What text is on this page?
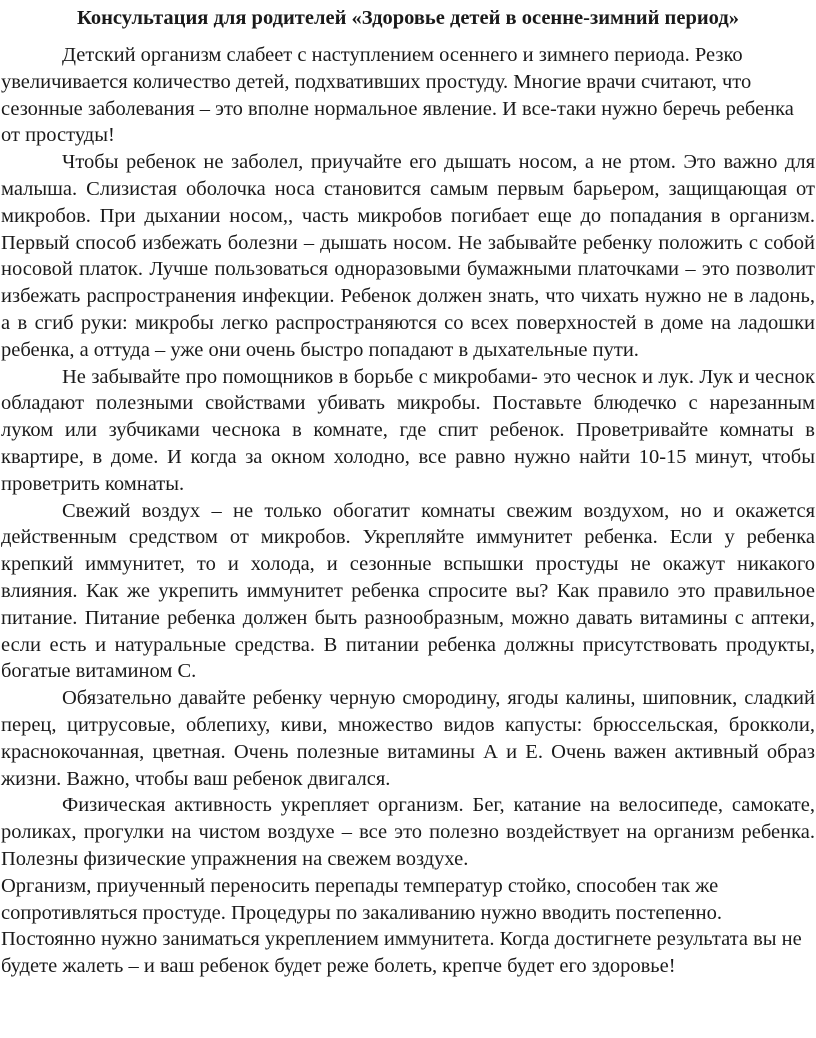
Консультация для родителей «Здоровье детей в осенне-зимний период»

Детский организм слабеет с наступлением осеннего и зимнего периода. Резко увеличивается количество детей, подхвативших простуду. Многие врачи считают, что сезонные заболевания – это вполне нормальное явление. И все-таки нужно беречь ребенка от простуды!

Чтобы ребенок не заболел, приучайте его дышать носом, а не ртом. Это важно для малыша. Слизистая оболочка носа становится самым первым барьером, защищающая от микробов. При дыхании носом,, часть микробов погибает еще до попадания в организм. Первый способ избежать болезни – дышать носом. Не забывайте ребенку положить с собой носовой платок. Лучше пользоваться одноразовыми бумажными платочками – это позволит избежать распространения инфекции. Ребенок должен знать, что чихать нужно не в ладонь, а в сгиб руки: микробы легко распространяются со всех поверхностей в доме на ладошки ребенка, а оттуда – уже они очень быстро попадают в дыхательные пути.

Не забывайте про помощников в борьбе с микробами- это чеснок и лук. Лук и чеснок обладают полезными свойствами убивать микробы. Поставьте блюдечко с нарезанным луком или зубчиками чеснока в комнате, где спит ребенок. Проветривайте комнаты в квартире, в доме. И когда за окном холодно, все равно нужно найти 10-15 минут, чтобы проветрить комнаты.

Свежий воздух – не только обогатит комнаты свежим воздухом, но и окажется действенным средством от микробов. Укрепляйте иммунитет ребенка. Если у ребенка крепкий иммунитет, то и холода, и сезонные вспышки простуды не окажут никакого влияния. Как же укрепить иммунитет ребенка спросите вы? Как правило это правильное питание. Питание ребенка должен быть разнообразным, можно давать витамины с аптеки, если есть и натуральные средства. В питании ребенка должны присутствовать продукты, богатые витамином С.

Обязательно давайте ребенку черную смородину, ягоды калины, шиповник, сладкий перец, цитрусовые, облепиху, киви, множество видов капусты: брюссельская, брокколи, краснокочанная, цветная. Очень полезные витамины А и Е. Очень важен активный образ жизни. Важно, чтобы ваш ребенок двигался.

Физическая активность укрепляет организм. Бег, катание на велосипеде, самокате, роликах, прогулки на чистом воздухе – все это полезно воздействует на организм ребенка. Полезны физические упражнения на свежем воздухе.

Организм, приученный переносить перепады температур стойко, способен так же сопротивляться простуде. Процедуры по закаливанию нужно вводить постепенно. Постоянно нужно заниматься укреплением иммунитета. Когда достигнете результата вы не будете жалеть – и ваш ребенок будет реже болеть, крепче будет его здоровье!
